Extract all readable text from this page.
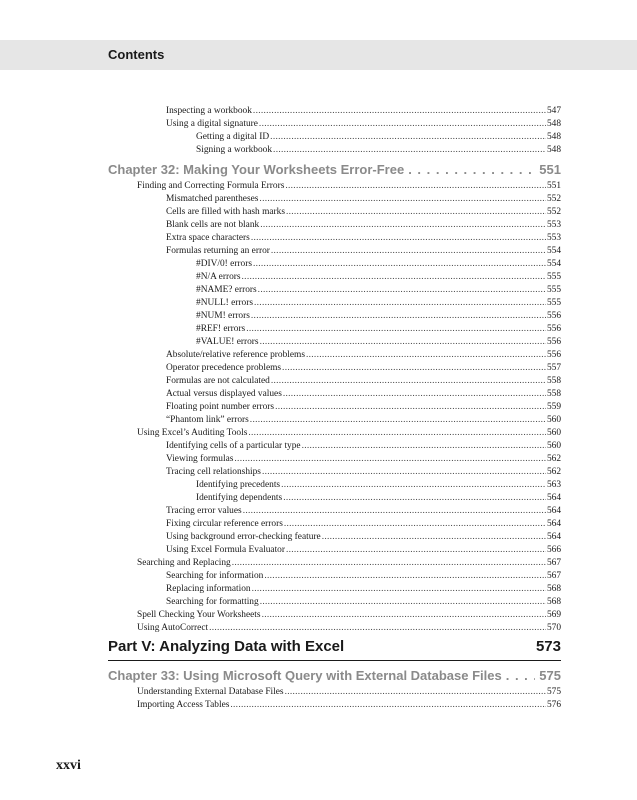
Contents
Inspecting a workbook .....	547
Using a digital signature .....	548
Getting a digital ID .....	548
Signing a workbook .....	548
Chapter 32: Making Your Worksheets Error-Free . . .	551
Finding and Correcting Formula Errors .....	551
Mismatched parentheses .....	552
Cells are filled with hash marks .....	552
Blank cells are not blank .....	553
Extra space characters .....	553
Formulas returning an error .....	554
#DIV/0! errors .....	554
#N/A errors .....	555
#NAME? errors .....	555
#NULL! errors .....	555
#NUM! errors .....	556
#REF! errors .....	556
#VALUE! errors .....	556
Absolute/relative reference problems .....	556
Operator precedence problems .....	557
Formulas are not calculated .....	558
Actual versus displayed values .....	558
Floating point number errors .....	559
“Phantom link” errors .....	560
Using Excel’s Auditing Tools .....	560
Identifying cells of a particular type .....	560
Viewing formulas .....	562
Tracing cell relationships .....	562
Identifying precedents .....	563
Identifying dependents .....	564
Tracing error values .....	564
Fixing circular reference errors .....	564
Using background error-checking feature .....	564
Using Excel Formula Evaluator .....	566
Searching and Replacing .....	567
Searching for information .....	567
Replacing information .....	568
Searching for formatting .....	568
Spell Checking Your Worksheets .....	569
Using AutoCorrect .....	570
Part V: Analyzing Data with Excel	573
Chapter 33: Using Microsoft Query with External Database Files . . .	575
Understanding External Database Files .....	575
Importing Access Tables .....	576
xxvi
